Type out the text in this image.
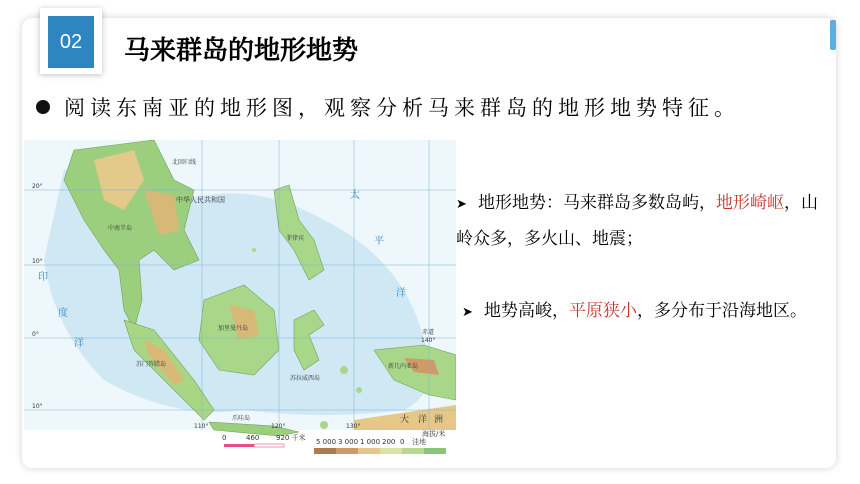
02	马来群岛的地形地势
阅读东南亚的地形图，观察分析马来群岛的地形地势特征。
中华人民共和国
北回归线
赤道
太
平
洋
印
度
洋
大 洋 洲
加里曼丹岛
苏拉威西岛
新几内亚岛
菲律宾
苏门答腊岛
爪哇岛
中南半岛
20°
10°
0°
10°
110°	120°	130°
140°
0	460 920 千米	海拔/米
5 000 3 000 1 000 200 0 洼地
➤ 地形地势：马来群岛多数岛屿，地形崎岖，山岭众多，多火山、地震；
➤ 地势高峻，平原狭小，多分布于沿海地区。
